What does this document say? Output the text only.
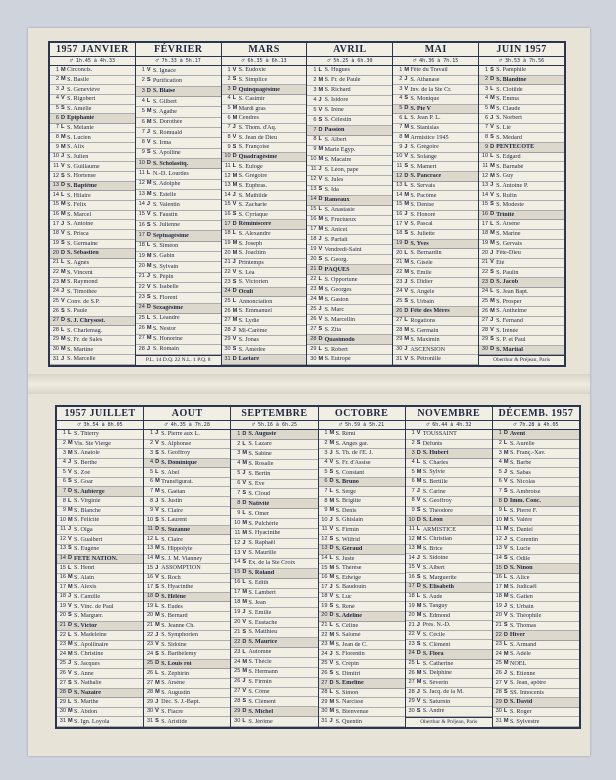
1957 JANVIER
♂ 1h.45 à 4h.33
1 M Circoncis.
2 M S. Basile
3 J S. Geneviève
4 V S. Rigobert
5 S S. Amélie
6 D Epiphanie
7 L S. Mélanie
8 M S. Lucien
9 M S. Alix
10 J S. Julien
11 V S. Guillaume
12 S S. Hortense
13 D S. Baptême
14 L S. Hilaire
15 M S. Félix
16 M S. Marcel
17 J S. Antoine
18 V S. Prisca
19 S S. Germaine
20 D S. Sébastien
21 L S. Agnès
22 M S. Vincent
23 M S. Raymond
24 J S. Timothée
25 V Conv. de S.P.
26 S S. Paule
27 D S. J. Chrysost.
28 L S. Charlemag.
29 M S. Fr. de Sales
30 M S. Martine
31 J S. Marcelle
FÉVRIER
♂ 7h.33 à 5h.17
1 V S. Ignace
2 S Purification
3 D S. Blaise
4 L S. Gilbert
5 M S. Agathe
6 M S. Dorothée
7 J S. Romuald
8 V S. Irma
9 S S. Apolline
10 D S. Scholastiq.
11 L N.-D. Lourdes
12 M S. Adolphe
13 M S. Estelle
14 J S. Valentin
15 V S. Faustin
16 S S. Julienne
17 D Septuagésime
18 L S. Siméon
19 M S. Gabin
20 M S. Sylvain
21 J S. Pépin
22 V S. Isabelle
23 S S. Florent
24 D Sexagésime
25 L S. Léandre
26 M S. Nestor
27 M S. Honorine
28 J S. Romain
P.L. 14 D.Q. 22 N.L. 1 P.Q. 8
MARS
♂ 6h.35 à 6h.13
1 V S. Eudoxie
2 S S. Simplice
3 D Quinquagésime
4 L S. Casimir
5 M Mardi gras
6 M Cendres
7 J S. Thom. d'Aq.
8 V S. Jean de Dieu
9 S S. Françoise
10 D Quadragésime
11 L S. Euloge
12 M S. Grégoire
13 M S. Euphras.
14 J S. Mathilde
15 V S. Zacharie
16 S S. Cyriaque
17 D Réminiscere
18 L S. Alexandre
19 M S. Joseph
20 M S. Joachim
21 J Printemps
22 V S. Léa
23 S S. Victorien
24 D Oculi
25 L Annonciation
26 M S. Emmanuel
27 M S. Lydie
28 J Mi-Carême
29 V S. Jonas
30 S S. Amédée
31 D Laetare
AVRIL
♂ 5h.25 à 6h.30
1 L S. Hugues
2 M S. Fr. de Paule
3 M S. Richard
4 J S. Isidore
5 V S. Irène
6 S S. Célestin
7 D Passion
8 L S. Albert
9 M Marie Egyp.
10 M S. Macaire
11 J S. Léon, pape
12 V S. Jules
13 S S. Ida
14 D Rameaux
15 L S. Anastasie
16 M S. Fructueux
17 M S. Anicet
18 J S. Parfait
19 V Vendredi-Saint
20 S S. Georg.
21 D PÂQUES
22 L S. Opportune
23 M S. Georges
24 M S. Gaston
25 J S. Marc
26 V S. Marcellin
27 S S. Zita
28 D Quasimodo
29 L S. Robert
30 M S. Eutrope
MAI
♂ 4h.36 à 7h.15
1 M Fête du Travail
2 J S. Athanase
3 V Inv. de la Ste Cr.
4 S S. Monique
5 D S. Pie V
6 L S. Jean P. L.
7 M S. Stanislas
8 M Armistice 1945
9 J S. Grégoire
10 V S. Solange
11 S S. Mamert
12 D S. Pancrace
13 L S. Servais
14 M S. Pacôme
15 M S. Denise
16 J S. Honoré
17 V S. Pascal
18 S S. Juliette
19 D S. Yves
20 L S. Bernardin
21 M S. Gisèle
22 M S. Emile
23 J S. Didier
24 V S. Angèle
25 S S. Urbain
26 D Fête des Mères
27 L Rogations
28 M S. Germain
29 M S. Maximin
30 J ASCENSION
31 V S. Pétronille
JUIN 1957
♂ 3h.53 à 7h.56
1 S S. Pamphile
2 D S. Blandine
3 L S. Clotilde
4 M S. Emma
5 M S. Claude
6 J S. Norbert
7 V S. Lié
8 S S. Médard
9 D PENTECÔTE
10 L S. Edgard
11 M S. Barnabé
12 M S. Guy
13 J S. Antoine P.
14 V S. Rufin
15 S S. Modeste
16 D Trinité
17 L S. Arsène
18 M S. Marine
19 M S. Gervais
20 J Fête-Dieu
21 V Eté
22 S S. Paulin
23 D S. Jacob
24 L S. Jean Bapt.
25 M S. Prosper
26 M S. Anthelme
27 J S. Fernand
28 V S. Irénée
29 S S. P. et Paul
30 D S. Martial
Oberthur & Préjean, Paris
1957 JUILLET
♂ 3h.54 à 8h.05
1 L S. Thierry
2 M Vis. Ste Vierge
3 M S. Anatole
4 J S. Berthe
5 V S. Zoé
6 S S. Goar
7 D S. Aubierge
8 L S. Virginie
9 M S. Blanche
10 M S. Félicité
11 J S. Olga
12 V S. Gualbert
13 S S. Eugène
14 D FÊTE NATION.
15 L S. Henri
16 M S. Alain
17 M S. Alexis
18 J S. Camille
19 V S. Vinc. de Paul
20 S S. Marguer.
21 D S. Victor
22 L S. Madeleine
23 M S. Apollinaire
24 M S. Christine
25 J S. Jacques
26 V S. Anne
27 S S. Nathalie
28 D S. Nazaire
29 L S. Marthe
30 M S. Abdon
31 M S. Ign. Loyola
AOUT
♂ 4h.35 à 7h.28
1 J S. Pierre aux L.
2 V S. Alphonse
3 S S. Geoffroy
4 D S. Dominique
5 L S. Abel
6 M Transfigurat.
7 M S. Gaétan
8 J S. Justin
9 V S. Claire
10 S S. Laurent
11 D S. Suzanne
12 L S. Claire
13 M S. Hippolyte
14 M S. J. M. Vianney
15 J ASSOMPTION
16 V S. Roch
17 S S. Hyacinthe
18 D S. Hélène
19 L S. Eudes
20 M S. Bernard
21 M S. Jeanne Ch.
22 J S. Symphorien
23 V S. Sidoine
24 S S. Barthélemy
25 D S. Louis roi
26 L S. Zéphirin
27 M S. Arsène
28 M S. Augustin
29 J Déc. S. J.-Bapt.
30 V S. Fiacre
31 S S. Aristide
SEPTEMBRE
♂ 5h.16 à 6h.25
1 D S. Auguste
2 L S. Lazare
3 M S. Sabine
4 M S. Rosalie
5 J S. Bertin
6 V S. Eve
7 S S. Cloud
8 D Nativité
9 L S. Omer
10 M S. Pulchérie
11 M S. Hyacinthe
12 J S. Raphaël
13 V S. Maurille
14 S Ex. de la Ste Croix
15 D S. Roland
16 L S. Edith
17 M S. Lambert
18 M S. Jean
19 J S. Emilie
20 V S. Eustache
21 S S. Matthieu
22 D S. Maurice
23 L Automne
24 M S. Thècle
25 M S. Hermann
26 J S. Firmin
27 V S. Côme
28 S S. Clément
29 D S. Michel
30 L S. Jérôme
OCTOBRE
♂ 5h.59 à 5h.21
1 M S. Rémi
2 M S. Anges gar.
3 J S. Th. de l'E. J.
4 V S. Fr. d'Assise
5 S S. Constant
6 D S. Bruno
7 L S. Serge
8 M S. Brigitte
9 M S. Denis
10 J S. Ghislain
11 V S. Firmin
12 S S. Wilfrid
13 D S. Géraud
14 L S. Juste
15 M S. Thérèse
16 M S. Edwige
17 J S. Baudouin
18 V S. Luc
19 S S. René
20 D S. Adeline
21 L S. Céline
22 M S. Salomé
23 M S. Jean de C.
24 J S. Florentin
25 V S. Crépin
26 S S. Dimitri
27 D S. Emeline
28 L S. Simon
29 M S. Narcisse
30 M S. Bienvenue
31 J S. Quentin
NOVEMBRE
♂ 6h.44 à 4h.32
1 V TOUSSAINT
2 S Défunts
3 D S. Hubert
4 L S. Charles
5 M S. Sylvie
6 M S. Bertille
7 J S. Carine
8 V S. Geoffroy
9 S S. Théodore
10 D S. Léon
11 L ARMISTICE
12 M S. Christian
13 M S. Brice
14 J S. Sidoine
15 V S. Albert
16 S S. Marguerite
17 D S. Elisabeth
18 L S. Aude
19 M S. Tanguy
20 M S. Edmond
21 J Prés. N.-D.
22 V S. Cécile
23 S S. Clément
24 D S. Flora
25 L S. Catherine
26 M S. Delphine
27 M S. Séverin
28 J S. Jacq. de la M.
29 V S. Saturnin
30 S S. André
Oberthur & Préjean, Paris
DÉCEMB. 1957
♂ 7h.28 à 4h.05
1 D Avent
2 L S. Aurélie
3 M S. Franç.-Xav.
4 M S. Barbe
5 J S. Sabas
6 V S. Nicolas
7 S S. Ambroise
8 D Imm. Conc.
9 L S. Pierre F.
10 M S. Valère
11 M S. Daniel
12 J S. Corentin
13 V S. Lucie
14 S S. Odile
15 D S. Ninon
16 L S. Alice
17 M S. Judicaël
18 M S. Gatien
19 J S. Urbain
20 V S. Théophile
21 S S. Thomas
22 D Hiver
23 L S. Armand
24 M S. Adèle
25 M NOËL
26 J S. Etienne
27 V S. Jean, apôtre
28 S SS. Innocents
29 D S. David
30 L S. Roger
31 M S. Sylvestre
